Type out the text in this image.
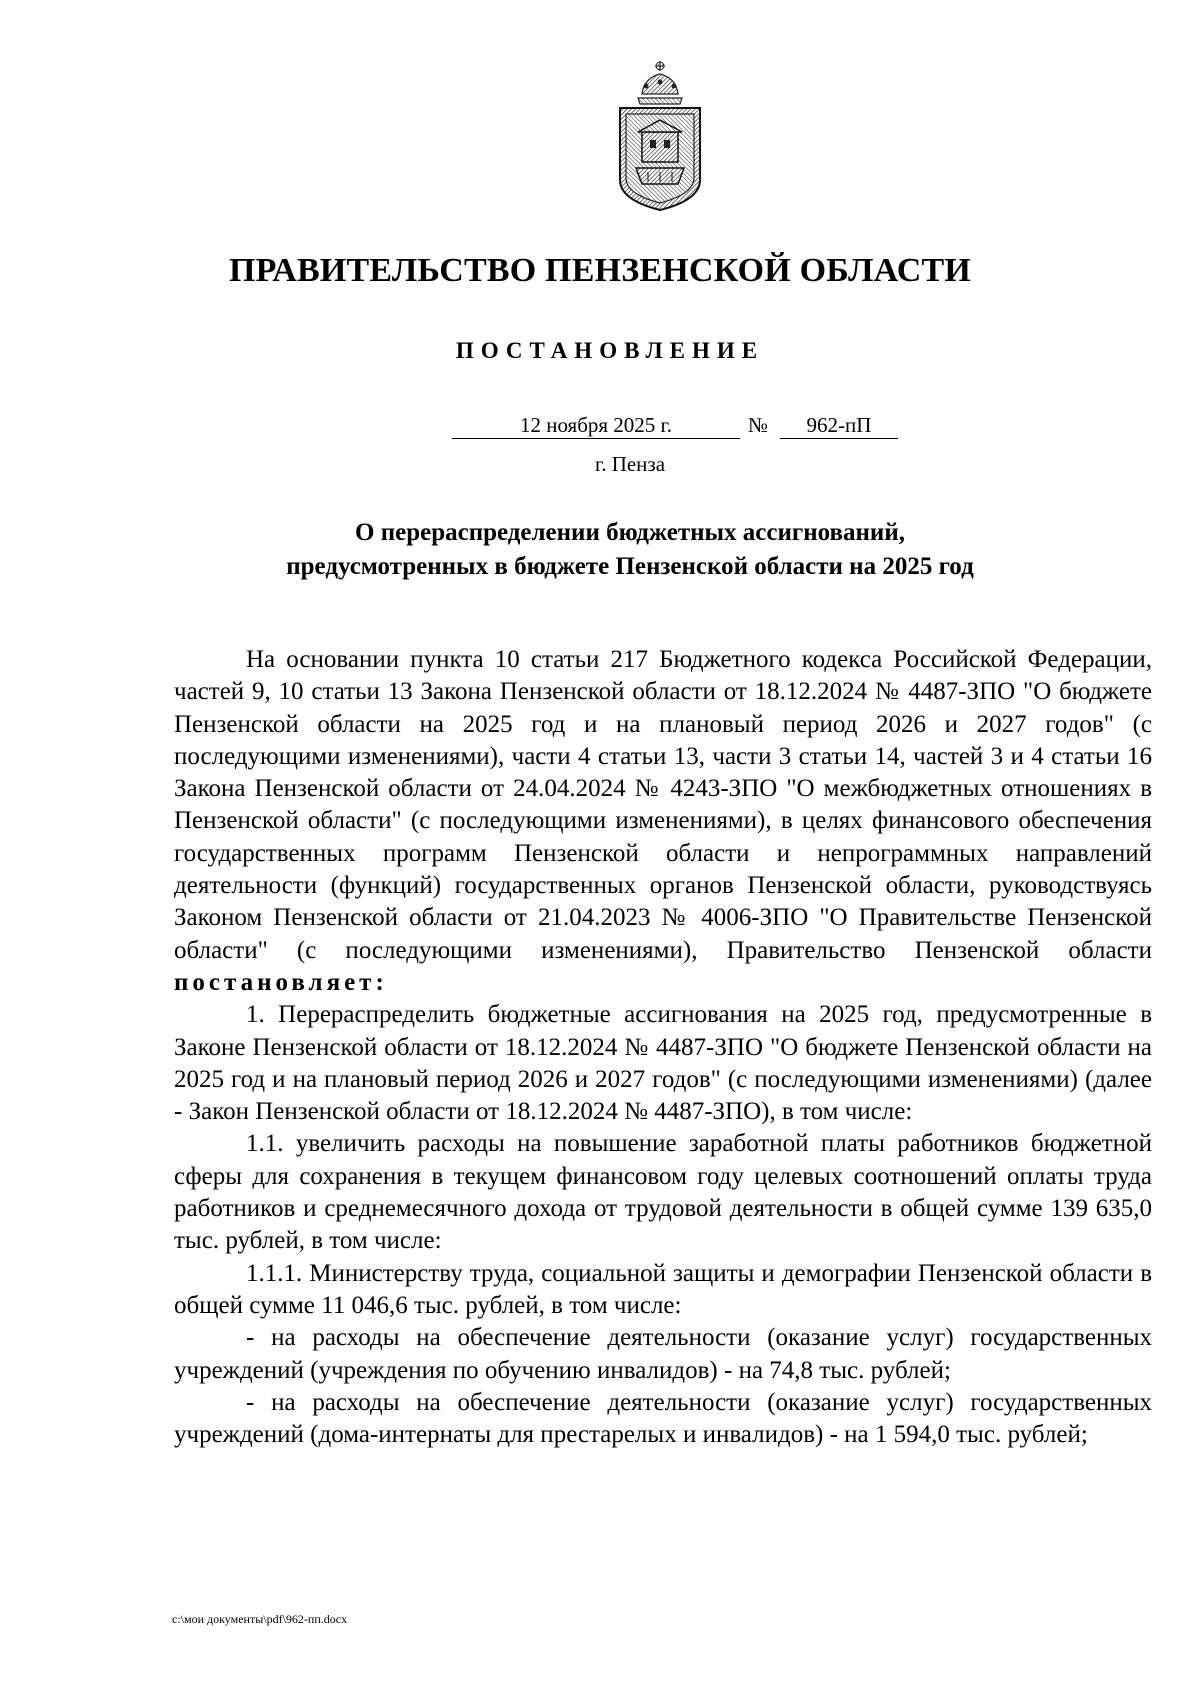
ПРАВИТЕЛЬСТВО ПЕНЗЕНСКОЙ ОБЛАСТИ
ПОСТАНОВЛЕНИЕ
12 ноября 2025 г.	№	962-пП
г. Пенза
О перераспределении бюджетных ассигнований,
предусмотренных в бюджете Пензенской области на 2025 год

На основании пункта 10 статьи 217 Бюджетного кодекса Российской Федерации, частей 9, 10 статьи 13 Закона Пензенской области от 18.12.2024 № 4487-ЗПО "О бюджете Пензенской области на 2025 год и на плановый период 2026 и 2027 годов" (с последующими изменениями), части 4 статьи 13, части 3 статьи 14, частей 3 и 4 статьи 16 Закона Пензенской области от 24.04.2024 № 4243-ЗПО "О межбюджетных отношениях в Пензенской области" (с последующими изменениями), в целях финансового обеспечения государственных программ Пензенской области и непрограммных направлений деятельности (функций) государственных органов Пензенской области, руководствуясь Законом Пензенской области от 21.04.2023 № 4006-ЗПО "О Правительстве Пензенской области" (с последующими изменениями), Правительство Пензенской области постановляет:

1. Перераспределить бюджетные ассигнования на 2025 год, предусмотренные в Законе Пензенской области от 18.12.2024 № 4487-ЗПО "О бюджете Пензенской области на 2025 год и на плановый период 2026 и 2027 годов" (с последующими изменениями) (далее - Закон Пензенской области от 18.12.2024 № 4487-ЗПО), в том числе:

1.1. увеличить расходы на повышение заработной платы работников бюджетной сферы для сохранения в текущем финансовом году целевых соотношений оплаты труда работников и среднемесячного дохода от трудовой деятельности в общей сумме 139 635,0 тыс. рублей, в том числе:

1.1.1. Министерству труда, социальной защиты и демографии Пензенской области в общей сумме 11 046,6 тыс. рублей, в том числе:

- на расходы на обеспечение деятельности (оказание услуг) государственных учреждений (учреждения по обучению инвалидов) - на 74,8 тыс. рублей;

- на расходы на обеспечение деятельности (оказание услуг) государственных учреждений (дома-интернаты для престарелых и инвалидов) - на 1 594,0 тыс. рублей;

c:\мои документы\pdf\962-пп.docx
